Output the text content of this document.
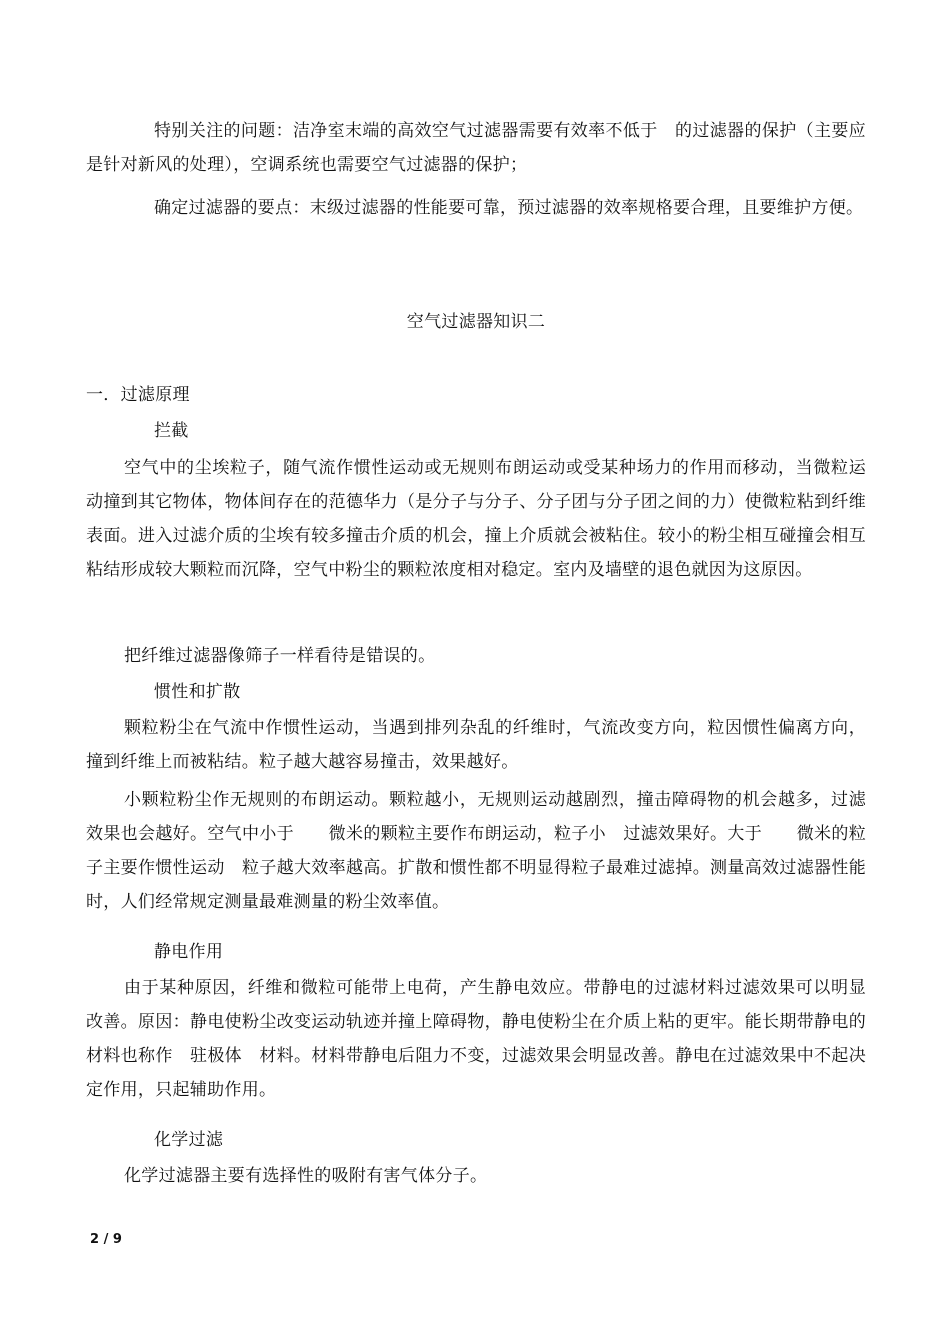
特别关注的问题：洁净室末端的高效空气过滤器需要有效率不低于　的过滤器的保护（主要应是针对新风的处理），空调系统也需要空气过滤器的保护；

确定过滤器的要点：末级过滤器的性能要可靠，预过滤器的效率规格要合理，且要维护方便。

空气过滤器知识二

一．过滤原理

拦截

空气中的尘埃粒子，随气流作惯性运动或无规则布朗运动或受某种场力的作用而移动，当微粒运动撞到其它物体，物体间存在的范德华力（是分子与分子、分子团与分子团之间的力）使微粒粘到纤维表面。进入过滤介质的尘埃有较多撞击介质的机会，撞上介质就会被粘住。较小的粉尘相互碰撞会相互粘结形成较大颗粒而沉降，空气中粉尘的颗粒浓度相对稳定。室内及墙壁的退色就因为这原因。

把纤维过滤器像筛子一样看待是错误的。

惯性和扩散

颗粒粉尘在气流中作惯性运动，当遇到排列杂乱的纤维时，气流改变方向，粒因惯性偏离方向，撞到纤维上而被粘结。粒子越大越容易撞击，效果越好。

小颗粒粉尘作无规则的布朗运动。颗粒越小，无规则运动越剧烈，撞击障碍物的机会越多，过滤效果也会越好。空气中小于　　微米的颗粒主要作布朗运动，粒子小　过滤效果好。大于　　微米的粒子主要作惯性运动　粒子越大效率越高。扩散和惯性都不明显得粒子最难过滤掉。测量高效过滤器性能时，人们经常规定测量最难测量的粉尘效率值。

静电作用

由于某种原因，纤维和微粒可能带上电荷，产生静电效应。带静电的过滤材料过滤效果可以明显改善。原因：静电使粉尘改变运动轨迹并撞上障碍物，静电使粉尘在介质上粘的更牢。能长期带静电的材料也称作　驻极体　材料。材料带静电后阻力不变，过滤效果会明显改善。静电在过滤效果中不起决定作用，只起辅助作用。

化学过滤

化学过滤器主要有选择性的吸附有害气体分子。

2 / 9
